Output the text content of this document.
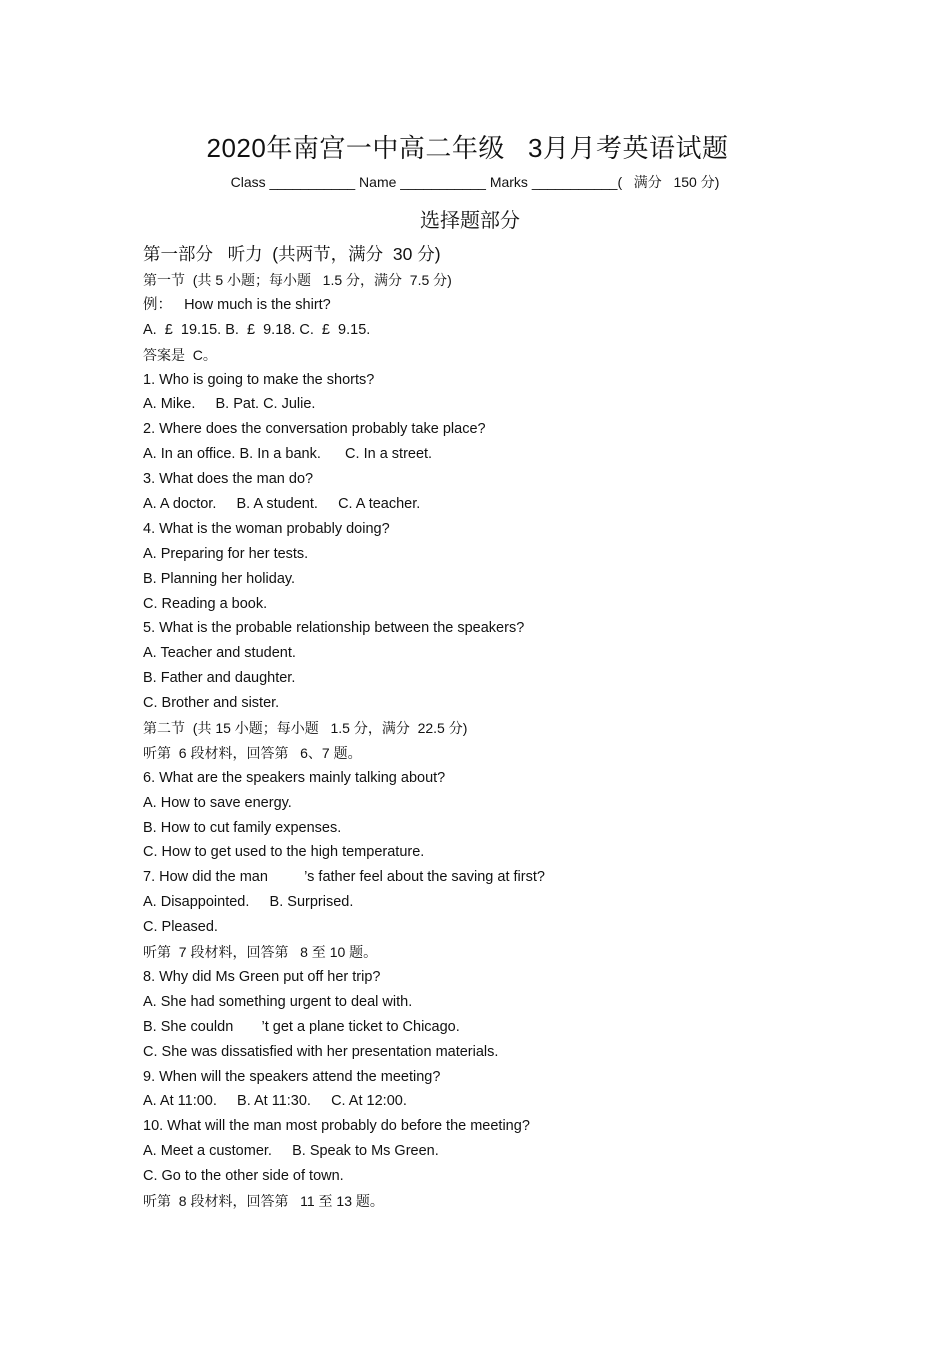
2020年南宫一中高二年级   3月月考英语试题
Class ___________ Name ___________ Marks ___________(   满分   150 分)
选择题部分
第一部分   听力  (共两节，满分  30 分)
第一节  (共 5 小题；每小题   1.5 分，满分  7.5 分)
例：   How much is the shirt?
A.  £  19.15. B.  £  9.18. C.  £  9.15.
答案是  C。
1. Who is going to make the shorts?
A. Mike.     B. Pat. C. Julie.
2. Where does the conversation probably take place?
A. In an office. B. In a bank.      C. In a street.
3. What does the man do?
A. A doctor.     B. A student.     C. A teacher.
4. What is the woman probably doing?
A. Preparing for her tests.
B. Planning her holiday.
C. Reading a book.
5. What is the probable relationship between the speakers?
A. Teacher and student.
B. Father and daughter.
C. Brother and sister.
第二节  (共 15 小题；每小题   1.5 分，满分  22.5 分)
听第  6 段材料，回答第   6、7 题。
6. What are the speakers mainly talking about?
A. How to save energy.
B. How to cut family expenses.
C. How to get used to the high temperature.
7. How did the man         ’s father feel about the saving at first?
A. Disappointed.     B. Surprised.
C. Pleased.
听第  7 段材料，回答第   8 至 10 题。
8. Why did Ms Green put off her trip?
A. She had something urgent to deal with.
B. She couldn       ’t get a plane ticket to Chicago.
C. She was dissatisfied with her presentation materials.
9. When will the speakers attend the meeting?
A. At 11:00.     B. At 11:30.     C. At 12:00.
10. What will the man most probably do before the meeting?
A. Meet a customer.     B. Speak to Ms Green.
C. Go to the other side of town.
听第  8 段材料，回答第   11 至 13 题。
